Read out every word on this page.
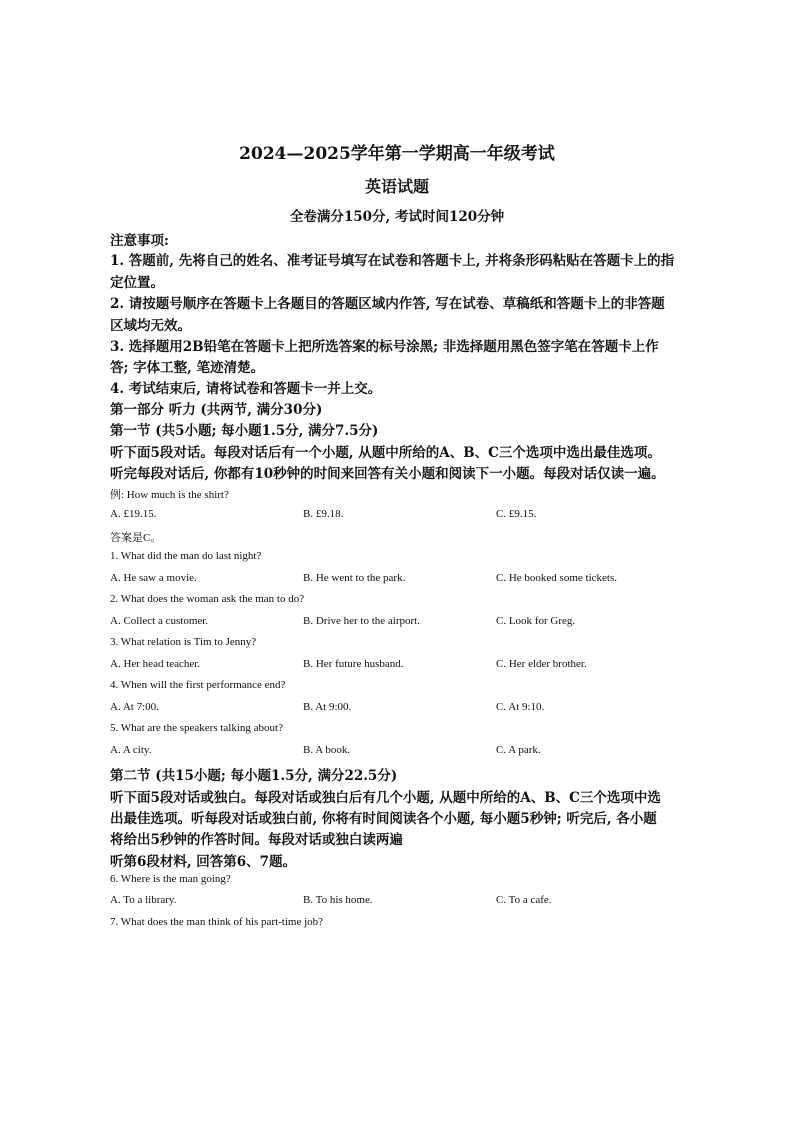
2024—2025学年第一学期高一年级考试
英语试题
全卷满分150分, 考试时间120分钟
注意事项:
1. 答题前, 先将自己的姓名、准考证号填写在试卷和答题卡上, 并将条形码粘贴在答题卡上的指
定位置。
2. 请按题号顺序在答题卡上各题目的答题区域内作答, 写在试卷、草稿纸和答题卡上的非答题
区域均无效。
3. 选择题用2B铅笔在答题卡上把所选答案的标号涂黑; 非选择题用黑色签字笔在答题卡上作
答; 字体工整, 笔迹清楚。
4. 考试结束后, 请将试卷和答题卡一并上交。
第一部分 听力 (共两节, 满分30分)
第一节 (共5小题; 每小题1.5分, 满分7.5分)
听下面5段对话。每段对话后有一个小题, 从题中所给的A、B、C三个选项中选出最佳选项。
听完每段对话后, 你都有10秒钟的时间来回答有关小题和阅读下一小题。每段对话仅读一遍。
例: How much is the shirt?
A. £19.15.	B. £9.18.	C. £9.15.
答案是C。
1. What did the man do last night?
A. He saw a movie.	B. He went to the park.	C. He booked some tickets.
2. What does the woman ask the man to do?
A. Collect a customer.	B. Drive her to the airport.	C. Look for Greg.
3. What relation is Tim to Jenny?
A. Her head teacher.	B. Her future husband.	C. Her elder brother.
4. When will the first performance end?
A. At 7:00.	B. At 9:00.	C. At 9:10.
5. What are the speakers talking about?
A. A city.	B. A book.	C. A park.
第二节 (共15小题; 每小题1.5分, 满分22.5分)
听下面5段对话或独白。每段对话或独白后有几个小题, 从题中所给的A、B、C三个选项中选
出最佳选项。听每段对话或独白前, 你将有时间阅读各个小题, 每小题5秒钟; 听完后, 各小题
将给出5秒钟的作答时间。每段对话或独白读两遍
听第6段材料, 回答第6、7题。
6. Where is the man going?
A. To a library.	B. To his home.	C. To a cafe.
7. What does the man think of his part-time job?
